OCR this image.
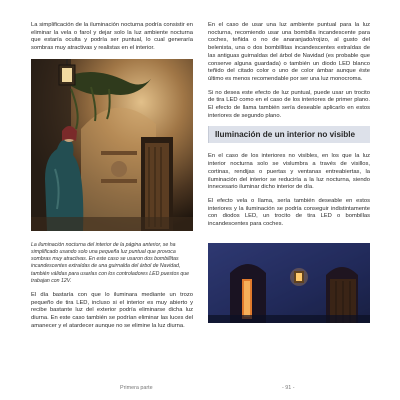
La simplificación de la iluminación nocturna podría consistir en eliminar la vela o farol y dejar solo la luz ambiente nocturna que estaría oculta y podría ser puntual, lo cual generaría sombras muy atractivas y realistas en el interior.

La iluminación nocturna del interior de la página anterior, se ha simplificado usando solo una pequeña luz puntual que provoca sombras muy atractivas. En este caso se usaron dos bombillitas incandescentes extraídas de una guirnalda del árbol de Navidad, también válidas para usarlas con los controladores LED puestos que trabajan con 12V.

El día bastaría con que lo iluminara mediante un trozo pequeño de tira LED, incluso si el interior es muy abierto y recibe bastante luz del exterior podría eliminarse dicha luz diurna. En este caso también se podrían eliminar las luces del amanecer y el atardecer aunque no se elimine la luz diurna.

En el caso de usar una luz ambiente puntual para la luz nocturna, recomiendo usar una bombilla incandescente para coches, teñida o no de anaranjado/rojizo, al gusto del belenista, una o dos bombillitas incandescentes extraídas de las antiguas guirnaldas del árbol de Navidad (es probable que conserve alguna guardada) o también un diodo LED blanco teñido del citado color o uno de color ámbar aunque éste último es menos recomendable por ser una luz monocroma.

Si no desea este efecto de luz puntual, puede usar un trocito de tira LED como en el caso de los interiores de primer plano. El efecto de llama también sería deseable aplicarlo en estos interiores de segundo plano.

Iluminación de un interior no visible

En el caso de los interiores no visibles, en los que la luz interior nocturna solo se vislumbra a través de visillos, cortinas, rendijas o puertas y ventanas entreabiertas, la iluminación del interior se reduciría a la luz nocturna, siendo innecesario iluminar dicho interior de día.

El efecto vela o llama, sería también deseable en estos interiores y la iluminación se podría conseguir indistintamente con diodos LED, un trocito de tira LED o bombillas incandescentes para coches.

Primera parte	- 91 -
